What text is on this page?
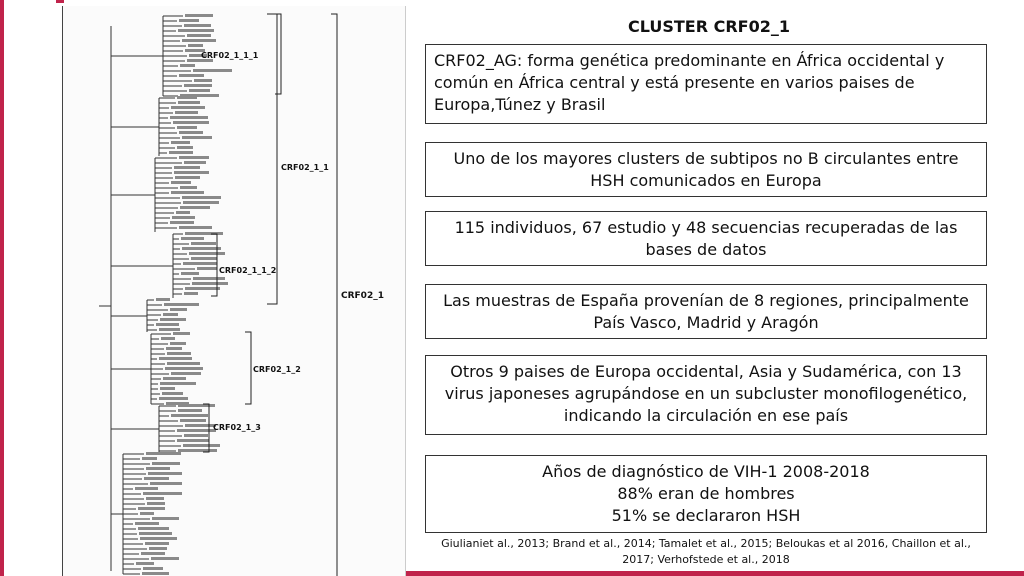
CRF02_1_1_1
CRF02_1_1
CRF02_1_1_2
CRF02_1
CRF02_1_2
CRF02_1_3
CLUSTER CRF02_1

CRF02_AG: forma genética predominante en África occidental y común en África central y está presente en varios paises de Europa,Túnez y Brasil

Uno de los mayores clusters de subtipos no B circulantes entre HSH comunicados en Europa

115 individuos, 67 estudio y 48 secuencias recuperadas de las bases de datos

Las muestras de España provenían de 8 regiones, principalmente País Vasco, Madrid y Aragón

Otros 9 paises de Europa occidental, Asia y Sudamérica, con 13 virus japoneses agrupándose en un subcluster monofilogenético, indicando la circulación en ese país

Años de diagnóstico de VIH-1 2008-2018

88% eran de hombres

51% se declararon HSH

Giulianiet al., 2013; Brand et al., 2014; Tamalet et al., 2015; Beloukas et al 2016, Chaillon et al., 2017; Verhofstede et al., 2018
